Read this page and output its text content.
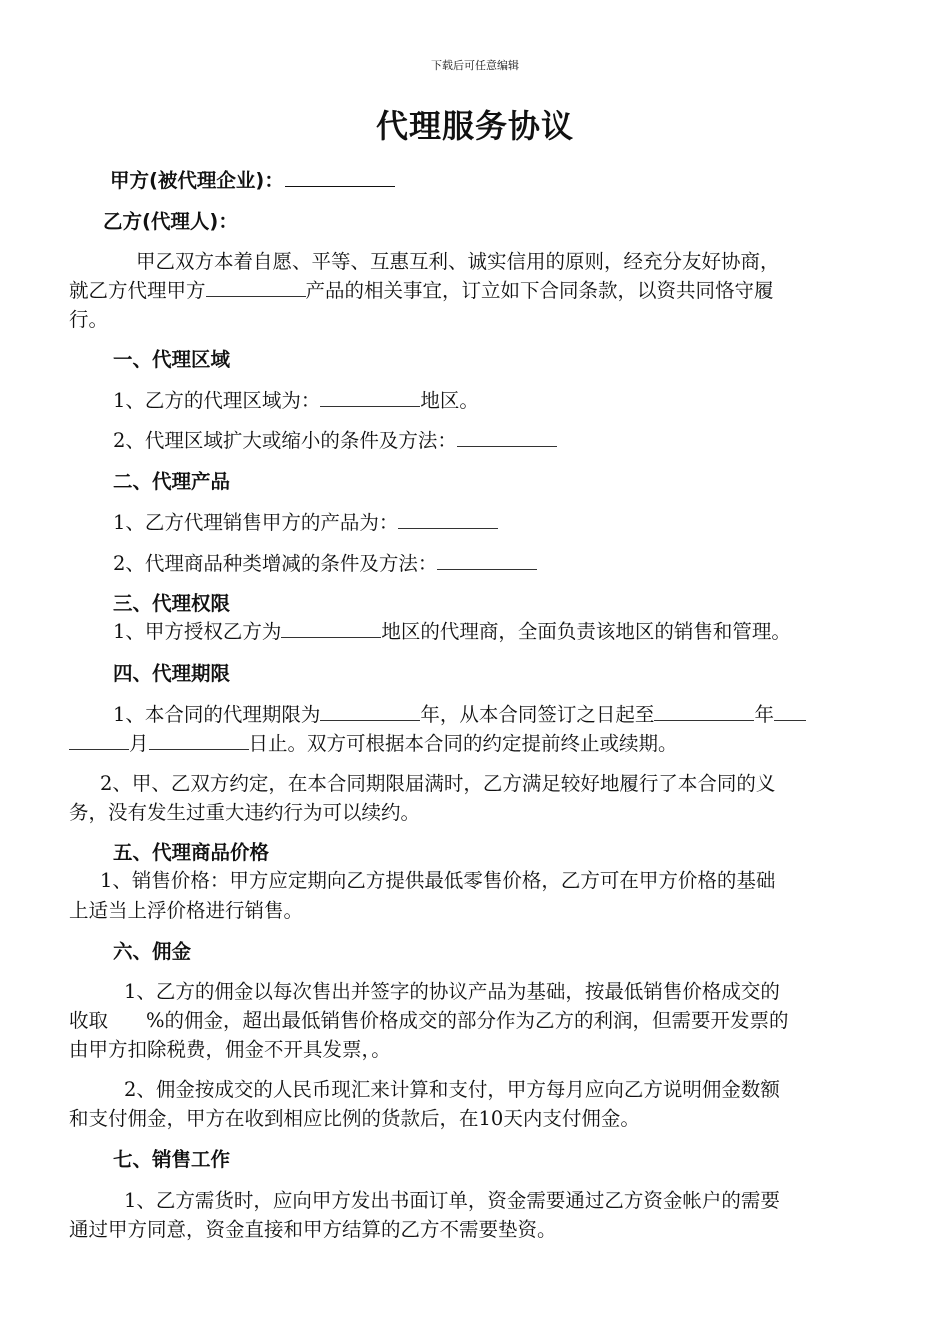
下载后可任意编辑
代理服务协议
甲方(被代理企业)：
乙方(代理人)：
甲乙双方本着自愿、平等、互惠互利、诚实信用的原则，经充分友好协商，
就乙方代理甲方	产品的相关事宜，订立如下合同条款，以资共同恪守履
行。
一、代理区域
1、乙方的代理区域为：	地区。
2、代理区域扩大或缩小的条件及方法：
二、代理产品
1、乙方代理销售甲方的产品为：
2、代理商品种类增减的条件及方法：
三、代理权限
1、甲方授权乙方为	地区的代理商，全面负责该地区的销售和管理。
四、代理期限
1、本合同的代理期限为	年，从本合同签订之日起至	年
月	日止。双方可根据本合同的约定提前终止或续期。
2、甲、乙双方约定，在本合同期限届满时，乙方满足较好地履行了本合同的义
务，没有发生过重大违约行为可以续约。
五、代理商品价格
1、销售价格：甲方应定期向乙方提供最低零售价格，乙方可在甲方价格的基础
上适当上浮价格进行销售。
六、佣金
1、乙方的佣金以每次售出并签字的协议产品为基础，按最低销售价格成交的
收取 %的佣金，超出最低销售价格成交的部分作为乙方的利润，但需要开发票的
由甲方扣除税费，佣金不开具发票，。
2、佣金按成交的人民币现汇来计算和支付，甲方每月应向乙方说明佣金数额
和支付佣金，甲方在收到相应比例的货款后，在10天内支付佣金。
七、销售工作
1、乙方需货时，应向甲方发出书面订单，资金需要通过乙方资金帐户的需要
通过甲方同意，资金直接和甲方结算的乙方不需要垫资。
